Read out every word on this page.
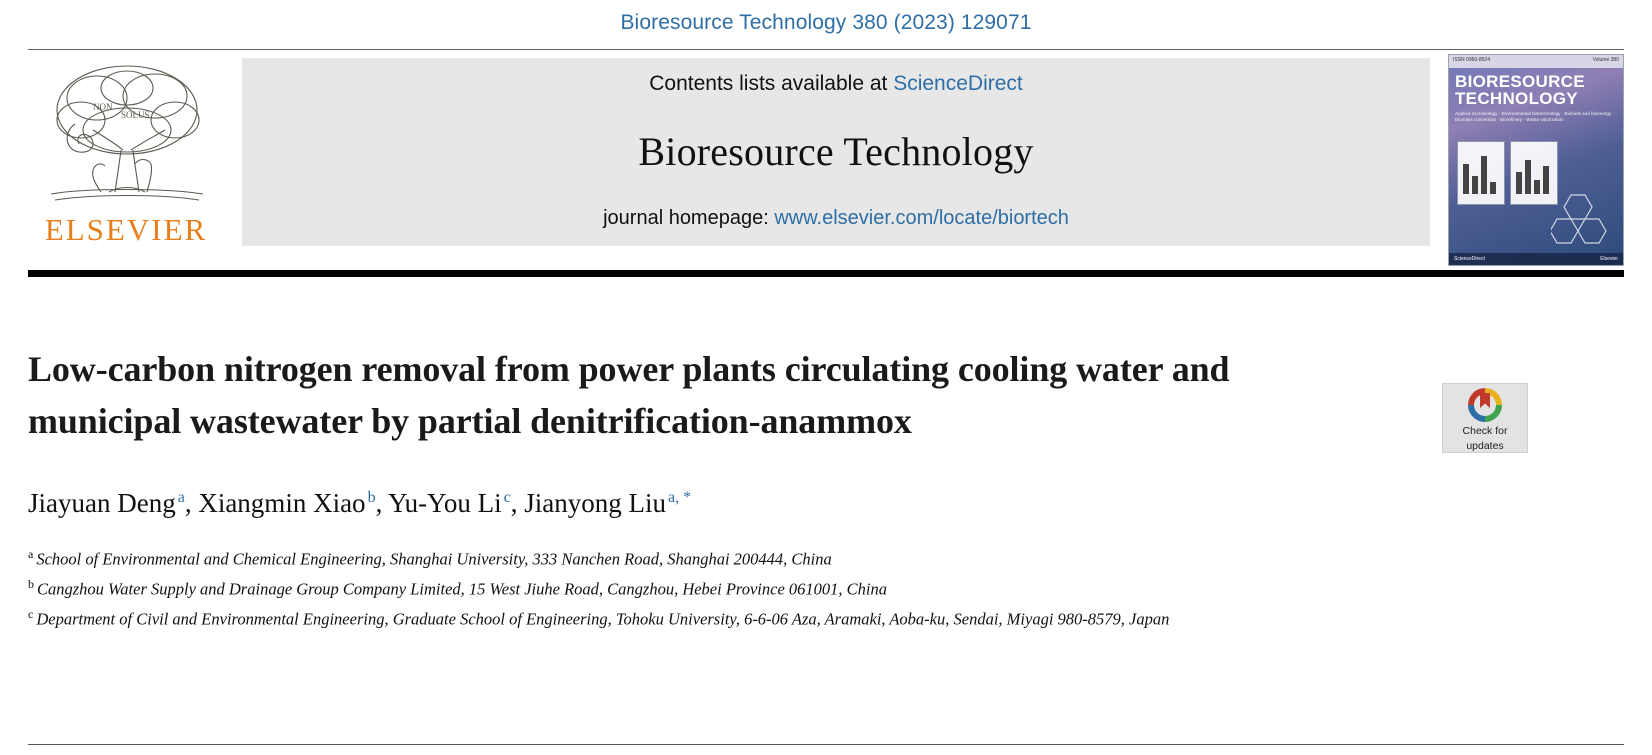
Bioresource Technology 380 (2023) 129071
NON
SOLUS
ELSEVIER
Contents lists available at ScienceDirect
Bioresource Technology
journal homepage: www.elsevier.com/locate/biortech
ISSN 0960-8524	Volume 380
BIORESOURCE
TECHNOLOGY
Applied microbiology · Environmental biotechnology · Biofuels and bioenergy · Biomass conversion · Biorefinery · Waste valorization
ScienceDirect	Elsevier
Check for
updates
Low-carbon nitrogen removal from power plants circulating cooling water and municipal wastewater by partial denitrification-anammox
Jiayuan Deng $^a$, Xiangmin Xiao $^b$, Yu-You Li $^c$, Jianyong Liu $^{a, *}$
$^a$ School of Environmental and Chemical Engineering, Shanghai University, 333 Nanchen Road, Shanghai 200444, China
$^b$ Cangzhou Water Supply and Drainage Group Company Limited, 15 West Jiuhe Road, Cangzhou, Hebei Province 061001, China
$^c$ Department of Civil and Environmental Engineering, Graduate School of Engineering, Tohoku University, 6-6-06 Aza, Aramaki, Aoba-ku, Sendai, Miyagi 980-8579, Japan
